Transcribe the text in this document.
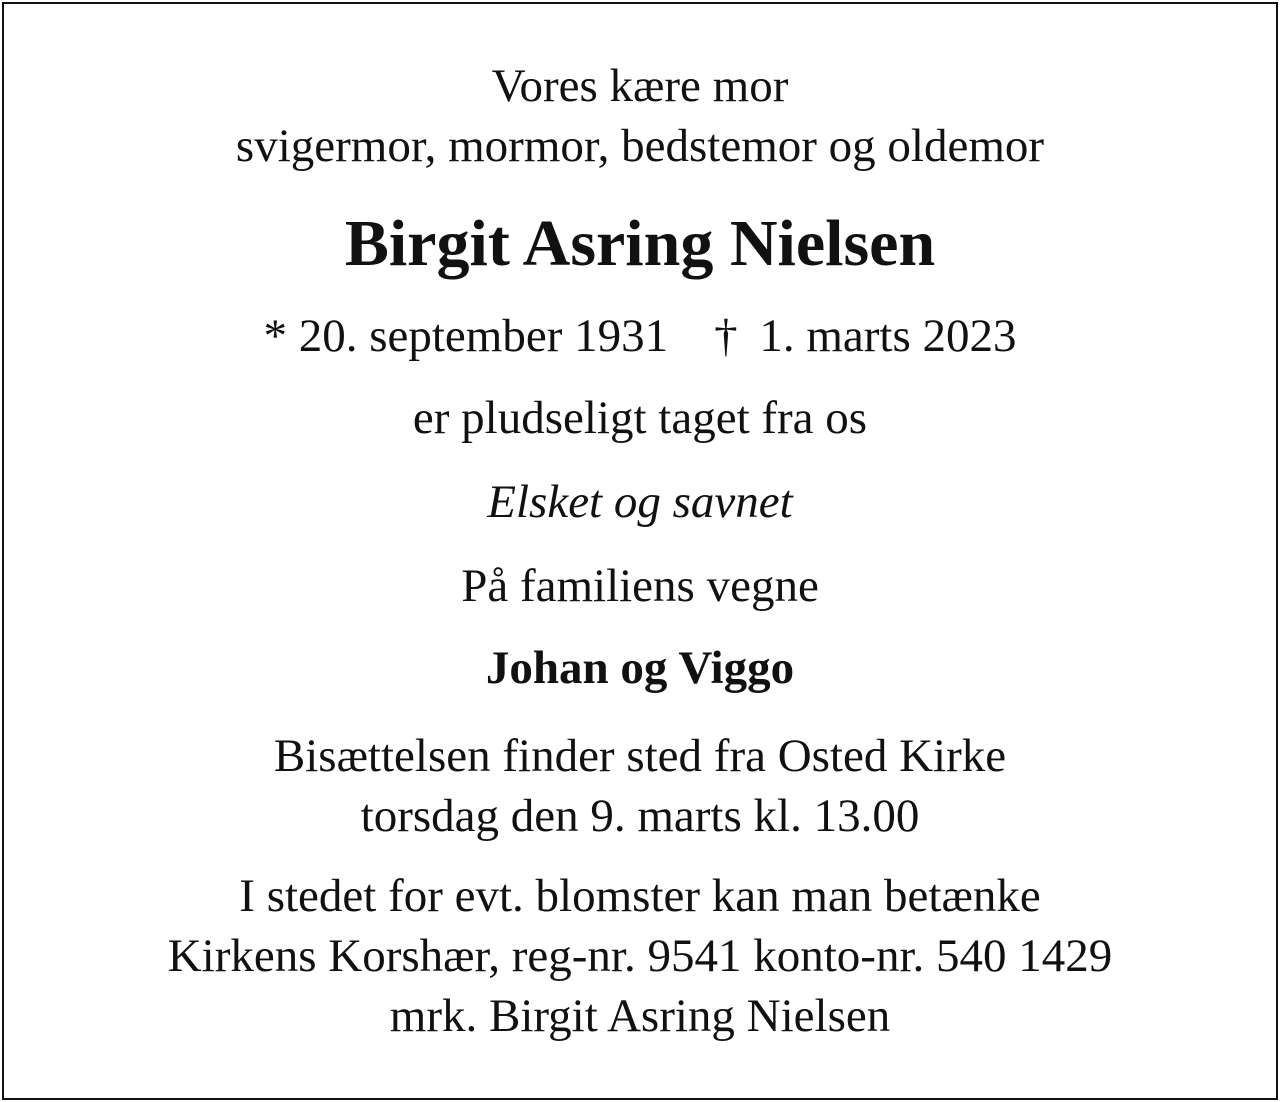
Vores kære mor
svigermor, mormor, bedstemor og oldemor
Birgit Asring Nielsen
* 20. september 1931 † 1. marts 2023
er pludseligt taget fra os
Elsket og savnet
På familiens vegne
Johan og Viggo
Bisættelsen finder sted fra Osted Kirke
torsdag den 9. marts kl. 13.00
I stedet for evt. blomster kan man betænke
Kirkens Korshær, reg-nr. 9541 konto-nr. 540 1429
mrk. Birgit Asring Nielsen
